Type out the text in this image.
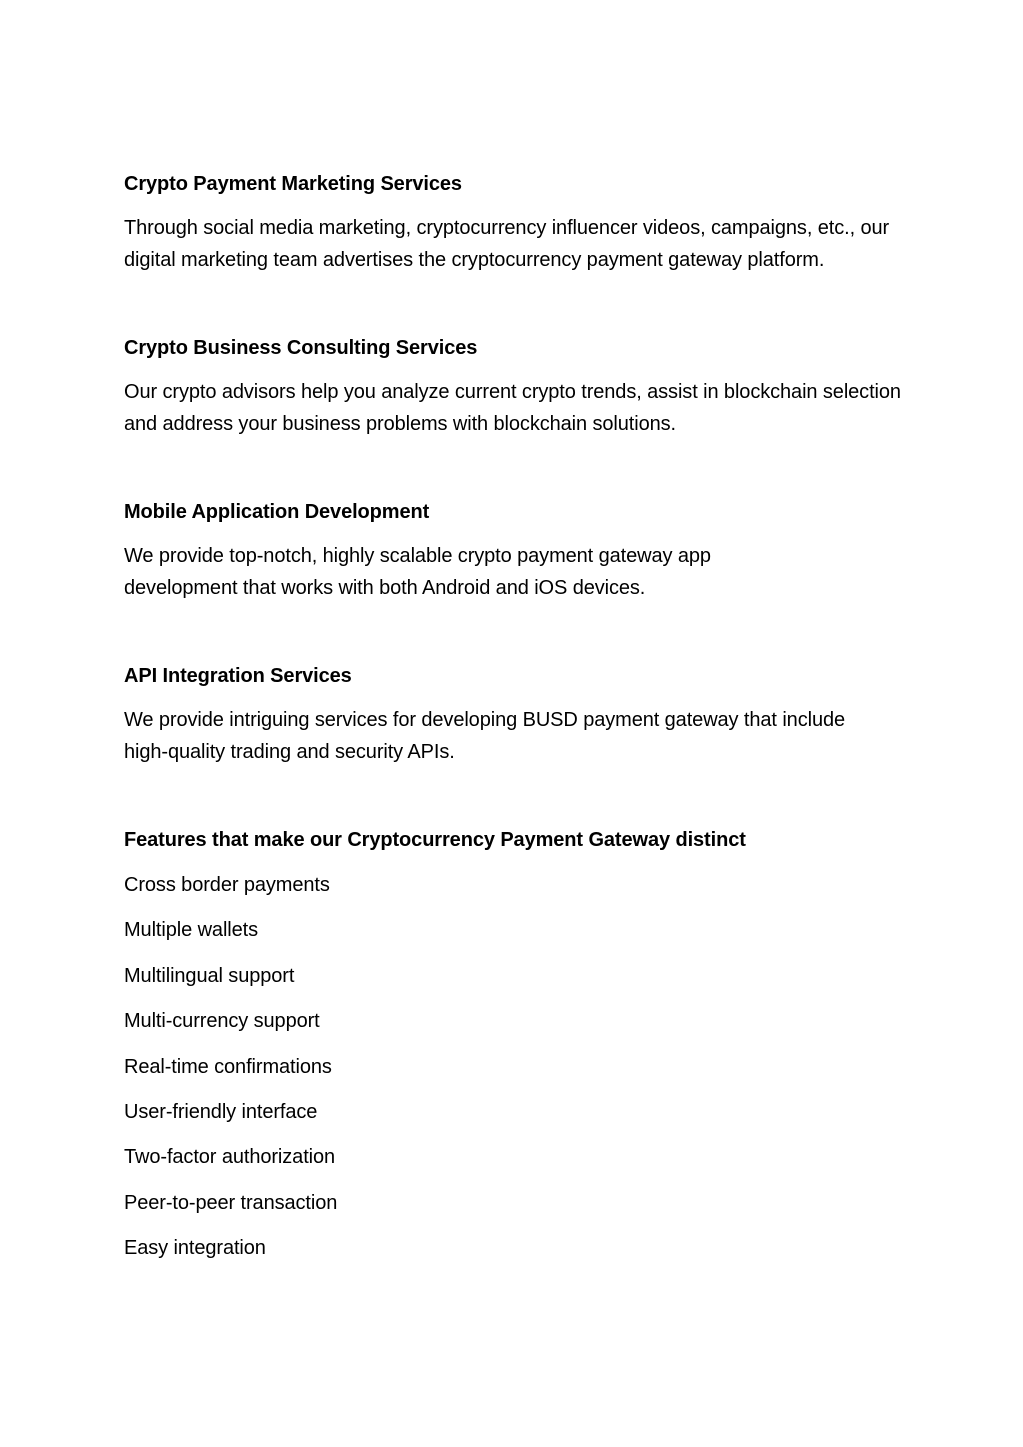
Crypto Payment Marketing Services

Through social media marketing, cryptocurrency influencer videos, campaigns, etc., our digital marketing team advertises the cryptocurrency payment gateway platform.

Crypto Business Consulting Services

Our crypto advisors help you analyze current crypto trends, assist in blockchain selection and address your business problems with blockchain solutions.

Mobile Application Development

We provide top-notch, highly scalable crypto payment gateway app development that works with both Android and iOS devices.

API Integration Services

We provide intriguing services for developing BUSD payment gateway that include high-quality trading and security APIs.

Features that make our Cryptocurrency Payment Gateway distinct
Cross border payments
Multiple wallets
Multilingual support
Multi-currency support
Real-time confirmations
User-friendly interface
Two-factor authorization
Peer-to-peer transaction
Easy integration
